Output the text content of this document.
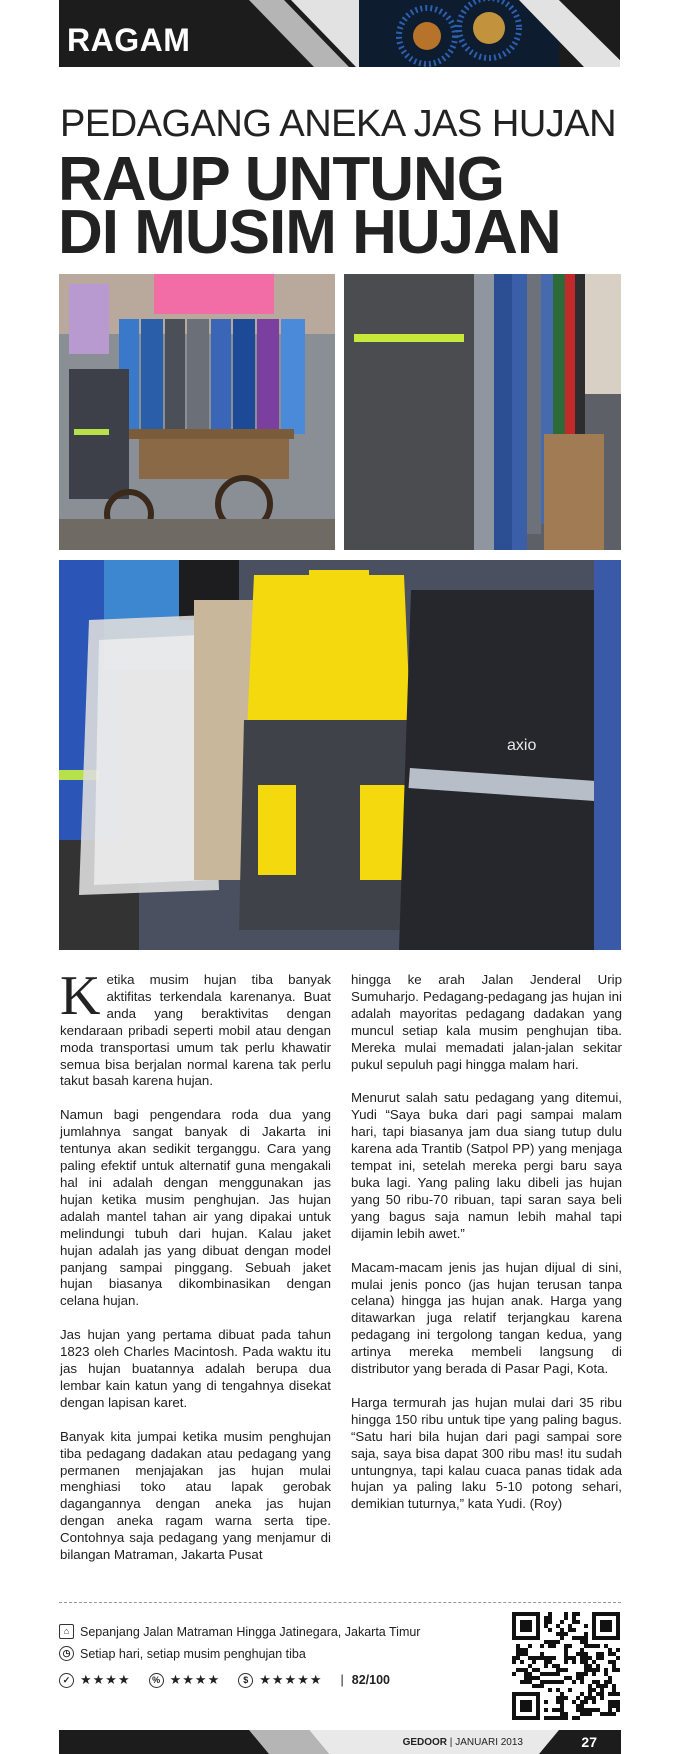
RAGAM
PEDAGANG ANEKA JAS HUJAN
RAUP UNTUNG
DI MUSIM HUJAN
axio

Ketika musim hujan tiba banyak aktifitas terkendala karenanya. Buat anda yang beraktivitas dengan kendaraan pribadi seperti mobil atau dengan moda transportasi umum tak perlu khawatir semua bisa berjalan normal karena tak perlu takut basah karena hujan.

Namun bagi pengendara roda dua yang jumlahnya sangat banyak di Jakarta ini tentunya akan sedikit terganggu. Cara yang paling efektif untuk alternatif guna mengakali hal ini adalah dengan menggunakan jas hujan ketika musim penghujan. Jas hujan adalah mantel tahan air yang dipakai untuk melindungi tubuh dari hujan. Kalau jaket hujan adalah jas yang dibuat dengan model panjang sampai pinggang. Sebuah jaket hujan biasanya dikombinasikan dengan celana hujan.

Jas hujan yang pertama dibuat pada tahun 1823 oleh Charles Macintosh. Pada waktu itu jas hujan buatannya adalah berupa dua lembar kain katun yang di tengahnya disekat dengan lapisan karet.

Banyak kita jumpai ketika musim penghujan tiba pedagang dadakan atau pedagang yang permanen menjajakan jas hujan mulai menghiasi toko atau lapak gerobak dagangannya dengan aneka jas hujan dengan aneka ragam warna serta tipe. Contohnya saja pedagang yang menjamur di bilangan Matraman, Jakarta Pusat

hingga ke arah Jalan Jenderal Urip Sumuharjo. Pedagang-pedagang jas hujan ini adalah mayoritas pedagang dadakan yang muncul setiap kala musim penghujan tiba. Mereka mulai memadati jalan-jalan sekitar pukul sepuluh pagi hingga malam hari.

Menurut salah satu pedagang yang ditemui, Yudi “Saya buka dari pagi sampai malam hari, tapi biasanya jam dua siang tutup dulu karena ada Trantib (Satpol PP) yang menjaga tempat ini, setelah mereka pergi baru saya buka lagi. Yang paling laku dibeli jas hujan yang 50 ribu-70 ribuan, tapi saran saya beli yang bagus saja namun lebih mahal tapi dijamin lebih awet.”

Macam-macam jenis jas hujan dijual di sini, mulai jenis ponco (jas hujan terusan tanpa celana) hingga jas hujan anak. Harga yang ditawarkan juga relatif terjangkau karena pedagang ini tergolong tangan kedua, yang artinya mereka membeli langsung di distributor yang berada di Pasar Pagi, Kota.

Harga termurah jas hujan mulai dari 35 ribu hingga 150 ribu untuk tipe yang paling bagus. “Satu hari bila hujan dari pagi sampai sore saja, saya bisa dapat 300 ribu mas! itu sudah untungnya, tapi kalau cuaca panas tidak ada hujan ya paling laku 5-10 potong sehari, demikian tuturnya,” kata Yudi. (Roy)

⌂ Sepanjang Jalan Matraman Hingga Jatinegara, Jakarta Timur
◷ Setiap hari, setiap musim penghujan tiba
✓ ★★★★	% ★★★★	$ ★★★★★ | 82/100
GEDOOR | JANUARI 2013	27
